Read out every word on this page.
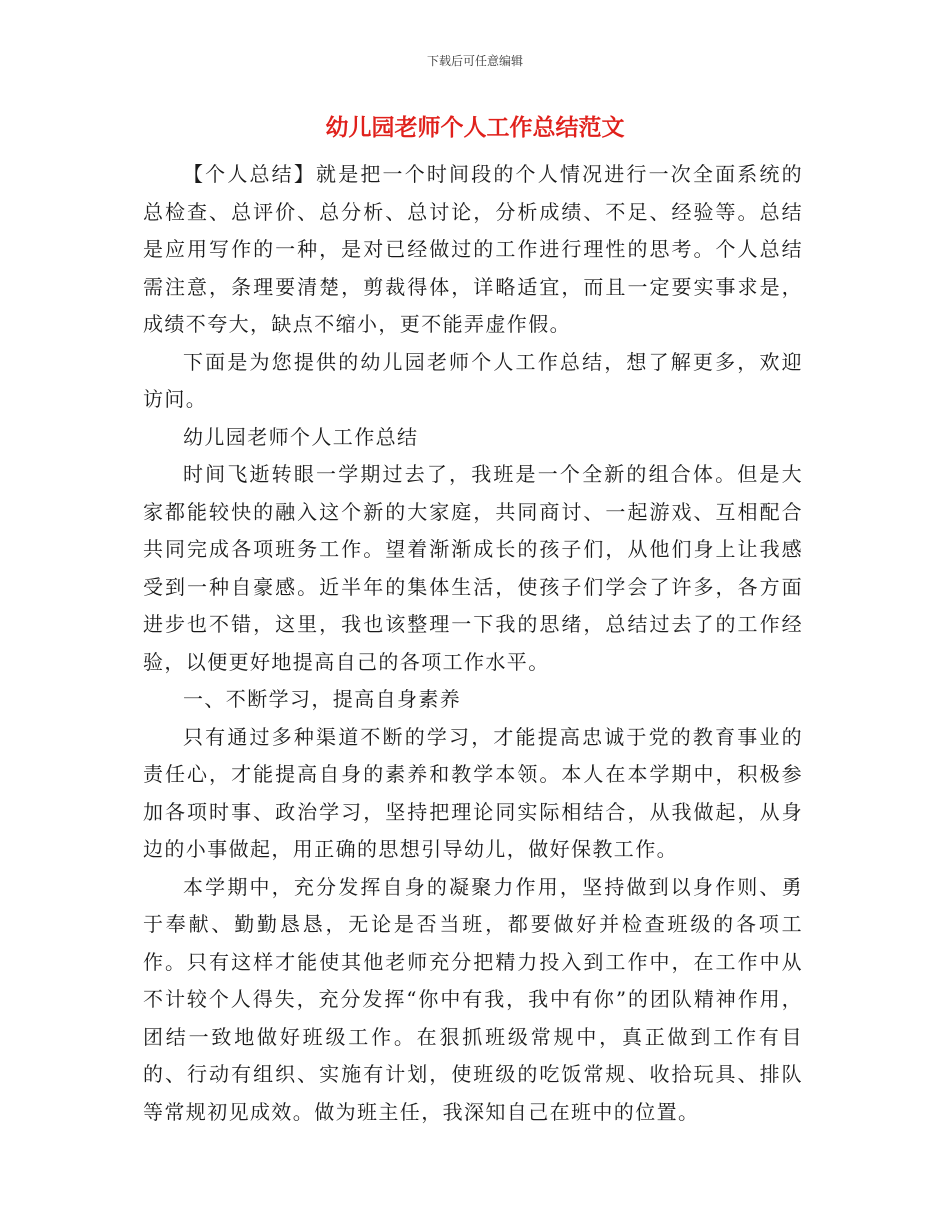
下载后可任意编辑
幼儿园老师个人工作总结范文

【个人总结】就是把一个时间段的个人情况进行一次全面系统的总检查、总评价、总分析、总讨论，分析成绩、不足、经验等。总结是应用写作的一种，是对已经做过的工作进行理性的思考。个人总结需注意，条理要清楚，剪裁得体，详略适宜，而且一定要实事求是，成绩不夸大，缺点不缩小，更不能弄虚作假。

下面是为您提供的幼儿园老师个人工作总结，想了解更多，欢迎访问。

幼儿园老师个人工作总结

时间飞逝转眼一学期过去了，我班是一个全新的组合体。但是大家都能较快的融入这个新的大家庭，共同商讨、一起游戏、互相配合共同完成各项班务工作。望着渐渐成长的孩子们，从他们身上让我感受到一种自豪感。近半年的集体生活，使孩子们学会了许多，各方面进步也不错，这里，我也该整理一下我的思绪，总结过去了的工作经验，以便更好地提高自己的各项工作水平。

一、不断学习，提高自身素养

只有通过多种渠道不断的学习，才能提高忠诚于党的教育事业的责任心，才能提高自身的素养和教学本领。本人在本学期中，积极参加各项时事、政治学习，坚持把理论同实际相结合，从我做起，从身边的小事做起，用正确的思想引导幼儿，做好保教工作。

本学期中，充分发挥自身的凝聚力作用，坚持做到以身作则、勇于奉献、勤勤恳恳，无论是否当班，都要做好并检查班级的各项工作。只有这样才能使其他老师充分把精力投入到工作中，在工作中从不计较个人得失，充分发挥“你中有我，我中有你”的团队精神作用，团结一致地做好班级工作。在狠抓班级常规中，真正做到工作有目的、行动有组织、实施有计划，使班级的吃饭常规、收拾玩具、排队等常规初见成效。做为班主任，我深知自己在班中的位置。
